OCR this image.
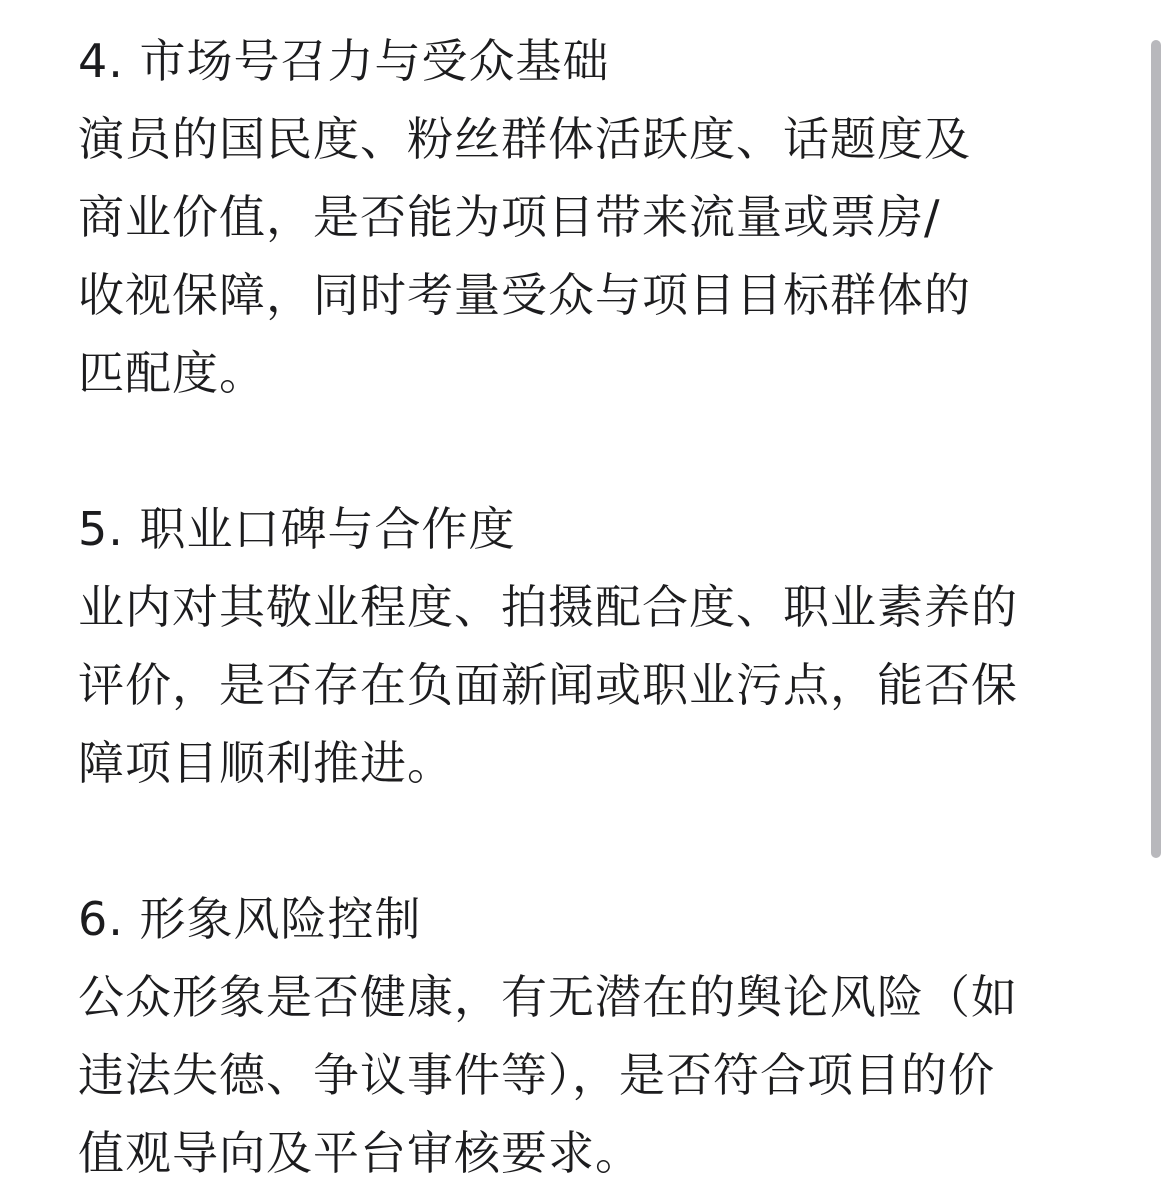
4. 市场号召力与受众基础
演员的国民度、粉丝群体活跃度、话题度及
商业价值，是否能为项目带来流量或票房/
收视保障，同时考量受众与项目目标群体的
匹配度。
5. 职业口碑与合作度
业内对其敬业程度、拍摄配合度、职业素养的
评价，是否存在负面新闻或职业污点，能否保
障项目顺利推进。
6. 形象风险控制
公众形象是否健康，有无潜在的舆论风险（如
违法失德、争议事件等），是否符合项目的价
值观导向及平台审核要求。
